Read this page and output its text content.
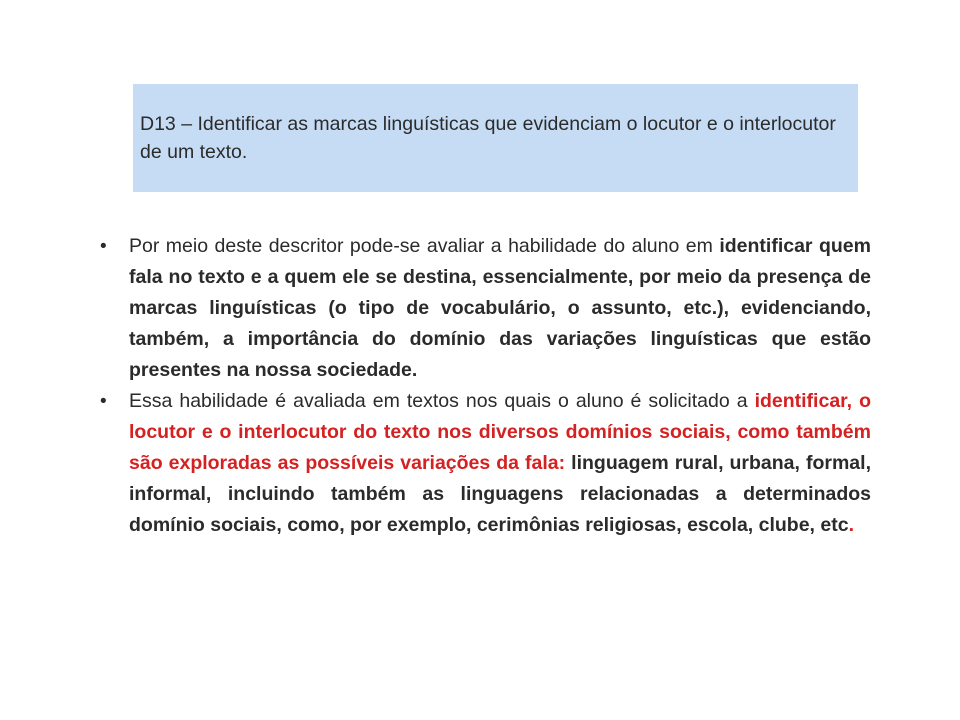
D13 – Identificar as marcas linguísticas que evidenciam o locutor e o interlocutor de um texto.
• Por meio deste descritor pode-se avaliar a habilidade do aluno em identificar quem fala no texto e a quem ele se destina, essencialmente, por meio da presença de marcas linguísticas (o tipo de vocabulário, o assunto, etc.), evidenciando, também, a importância do domínio das variações linguísticas que estão presentes na nossa sociedade.
• Essa habilidade é avaliada em textos nos quais o aluno é solicitado a identificar, o locutor e o interlocutor do texto nos diversos domínios sociais, como também são exploradas as possíveis variações da fala: linguagem rural, urbana, formal, informal, incluindo também as linguagens relacionadas a determinados domínio sociais, como, por exemplo, cerimônias religiosas, escola, clube, etc.
